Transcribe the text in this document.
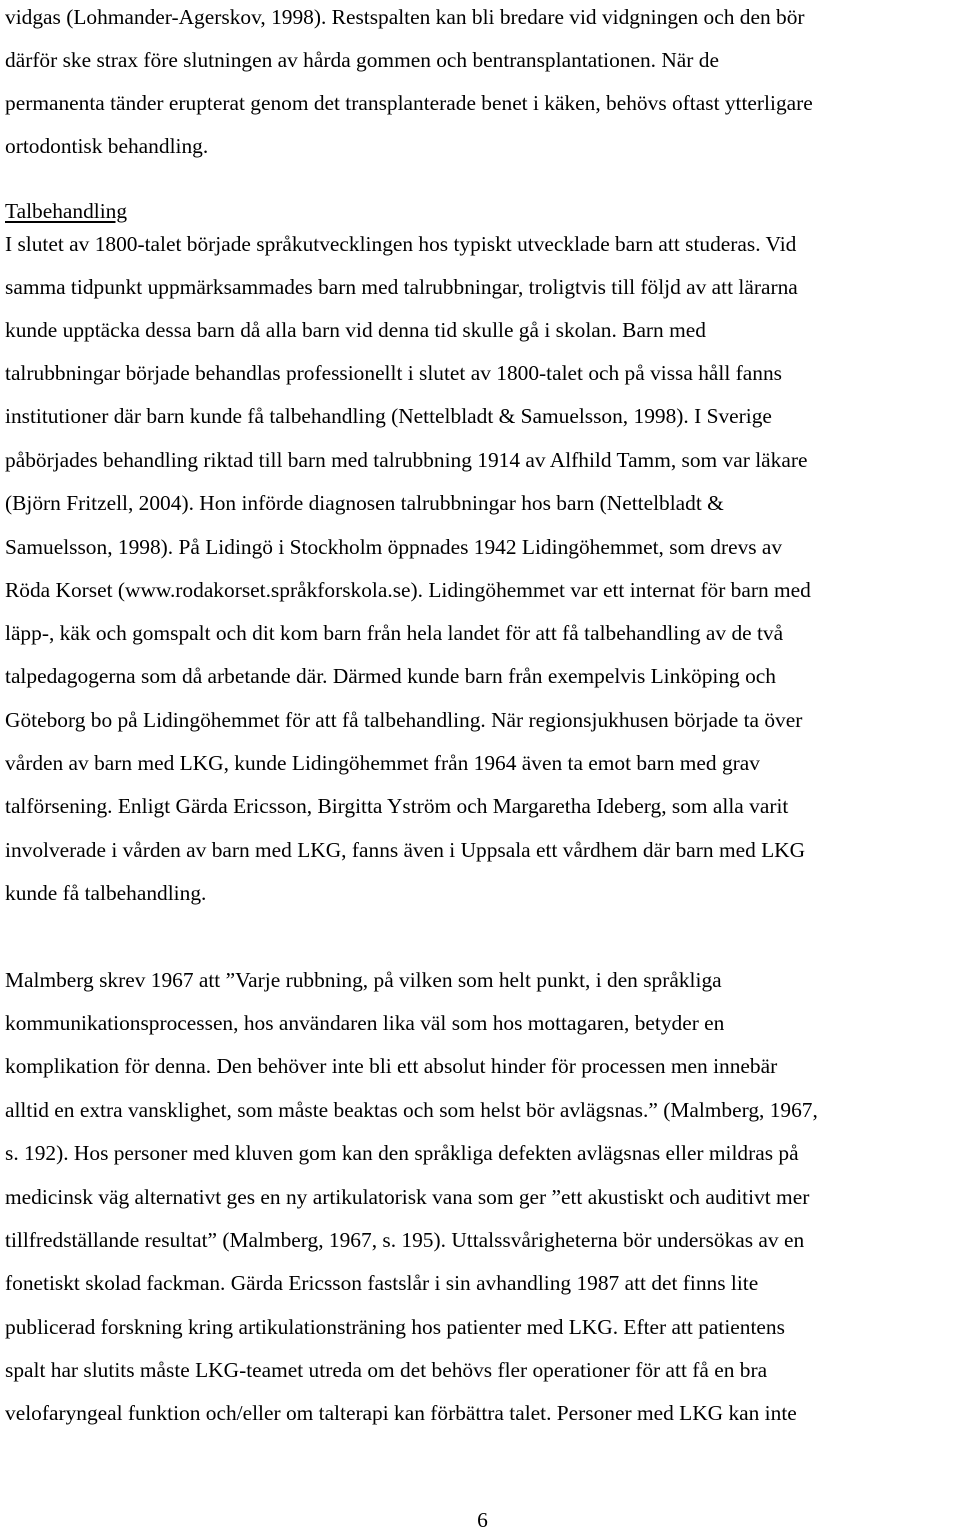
vidgas (Lohmander-Agerskov, 1998). Restspalten kan bli bredare vid vidgningen och den bör
därför ske strax före slutningen av hårda gommen och bentransplantationen. När de
permanenta tänder erupterat genom det transplanterade benet i käken, behövs oftast ytterligare
ortodontisk behandling.
Talbehandling
I slutet av 1800-talet började språkutvecklingen hos typiskt utvecklade barn att studeras. Vid
samma tidpunkt uppmärksammades barn med talrubbningar, troligtvis till följd av att lärarna
kunde upptäcka dessa barn då alla barn vid denna tid skulle gå i skolan. Barn med
talrubbningar började behandlas professionellt i slutet av 1800-talet och på vissa håll fanns
institutioner där barn kunde få talbehandling (Nettelbladt & Samuelsson, 1998). I Sverige
påbörjades behandling riktad till barn med talrubbning 1914 av Alfhild Tamm, som var läkare
(Björn Fritzell, 2004). Hon införde diagnosen talrubbningar hos barn (Nettelbladt &
Samuelsson, 1998). På Lidingö i Stockholm öppnades 1942 Lidingöhemmet, som drevs av
Röda Korset (www.rodakorset.språkforskola.se). Lidingöhemmet var ett internat för barn med
läpp-, käk och gomspalt och dit kom barn från hela landet för att få talbehandling av de två
talpedagogerna som då arbetande där. Därmed kunde barn från exempelvis Linköping och
Göteborg bo på Lidingöhemmet för att få talbehandling. När regionsjukhusen började ta över
vården av barn med LKG, kunde Lidingöhemmet från 1964 även ta emot barn med grav
talförsening. Enligt Gärda Ericsson, Birgitta Yström och Margaretha Ideberg, som alla varit
involverade i vården av barn med LKG, fanns även i Uppsala ett vårdhem där barn med LKG
kunde få talbehandling.
Malmberg skrev 1967 att ”Varje rubbning, på vilken som helt punkt, i den språkliga
kommunikationsprocessen, hos användaren lika väl som hos mottagaren, betyder en
komplikation för denna. Den behöver inte bli ett absolut hinder för processen men innebär
alltid en extra vansklighet, som måste beaktas och som helst bör avlägsnas.” (Malmberg, 1967,
s. 192). Hos personer med kluven gom kan den språkliga defekten avlägsnas eller mildras på
medicinsk väg alternativt ges en ny artikulatorisk vana som ger ”ett akustiskt och auditivt mer
tillfredställande resultat” (Malmberg, 1967, s. 195). Uttalssvårigheterna bör undersökas av en
fonetiskt skolad fackman. Gärda Ericsson fastslår i sin avhandling 1987 att det finns lite
publicerad forskning kring artikulationsträning hos patienter med LKG. Efter att patientens
spalt har slutits måste LKG-teamet utreda om det behövs fler operationer för att få en bra
velofaryngeal funktion och/eller om talterapi kan förbättra talet. Personer med LKG kan inte
6
